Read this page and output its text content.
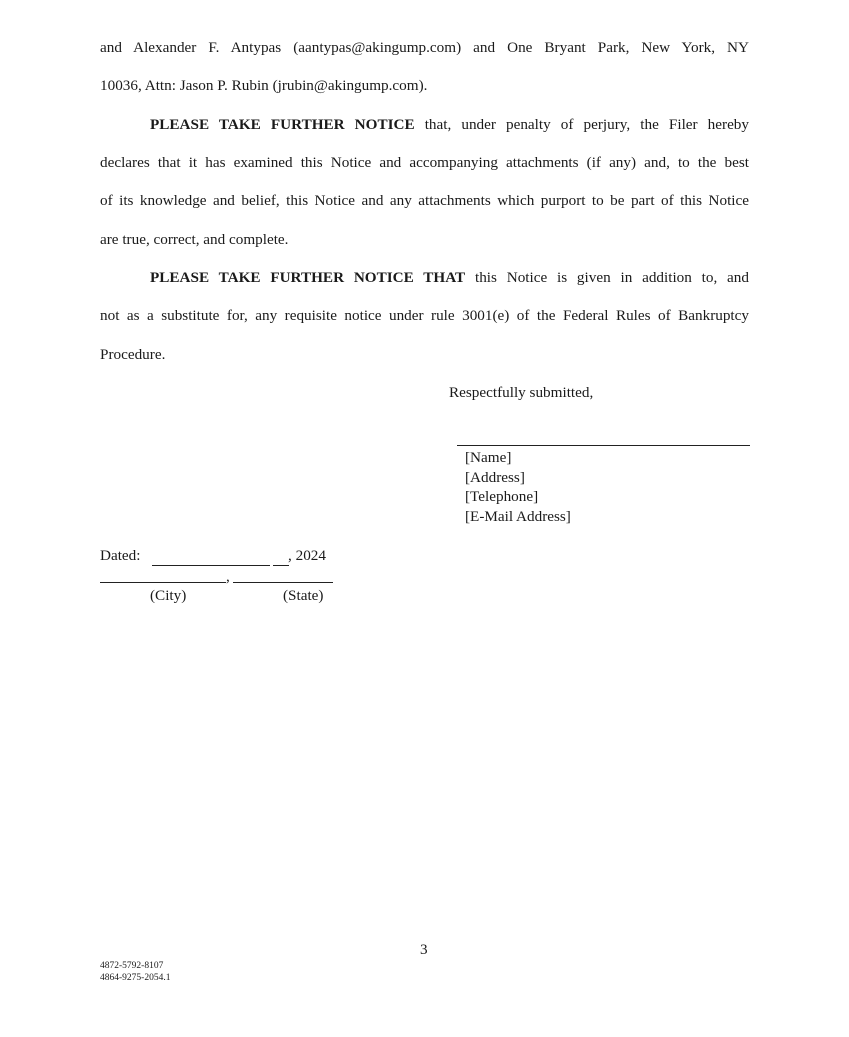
and Alexander F. Antypas (aantypas@akingump.com) and One Bryant Park, New York, NY
10036, Attn: Jason P. Rubin (jrubin@akingump.com).
PLEASE TAKE FURTHER NOTICE that, under penalty of perjury, the Filer hereby
declares that it has examined this Notice and accompanying attachments (if any) and, to the best
of its knowledge and belief, this Notice and any attachments which purport to be part of this Notice
are true, correct, and complete.
PLEASE TAKE FURTHER NOTICE THAT this Notice is given in addition to, and
not as a substitute for, any requisite notice under rule 3001(e) of the Federal Rules of Bankruptcy
Procedure.
Respectfully submitted,
[Name]
[Address]
[Telephone]
[E-Mail Address]
Dated:	, 2024
,
(City)	(State)
3
4872-5792-8107
4864-9275-2054.1
